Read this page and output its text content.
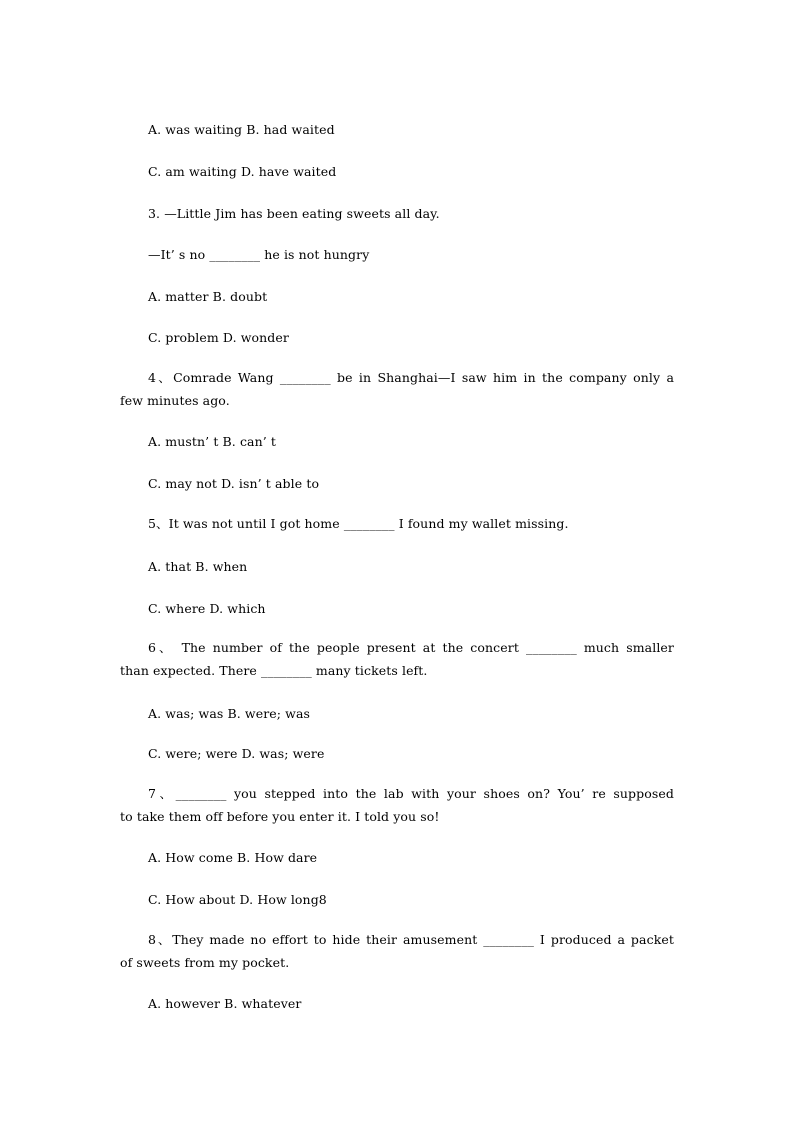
A. was waiting B. had waited
C. am waiting D. have waited
3. —Little Jim has been eating sweets all day.
—It’ s no ________ he is not hungry
A. matter B. doubt
C. problem D. wonder
4、Comrade Wang ________ be in Shanghai—I saw him in the company only a
few minutes ago.
A. mustn’ t B. can’ t
C. may not D. isn’ t able to
5、It was not until I got home ________ I found my wallet missing.
A. that B. when
C. where D. which
6、 The number of the people present at the concert ________ much smaller
than expected. There ________ many tickets left.
A. was; was B. were; was
C. were; were D. was; were
7、________ you stepped into the lab with your shoes on? You’ re supposed
to take them off before you enter it. I told you so!
A. How come B. How dare
C. How about D. How long8
8、They made no effort to hide their amusement ________ I produced a packet
of sweets from my pocket.
A. however B. whatever
